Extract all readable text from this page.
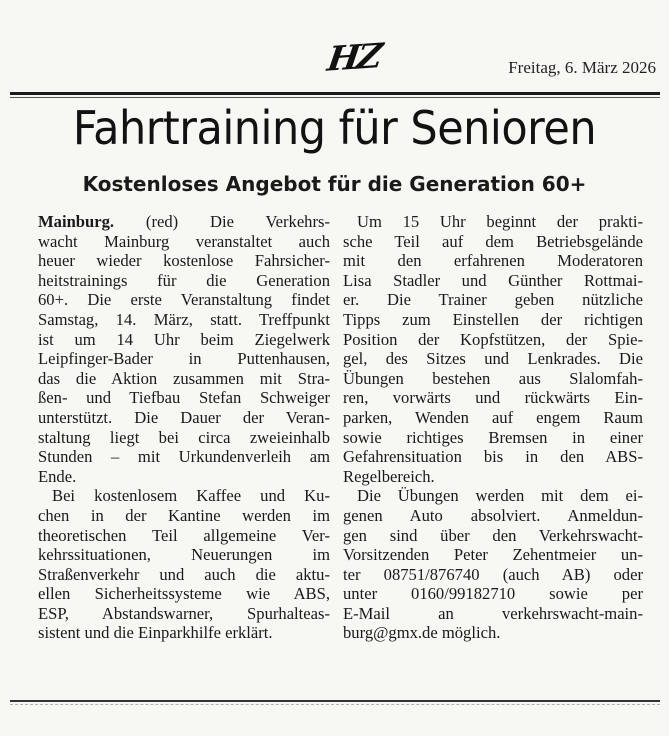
HZ	Freitag, 6. März 2026
Fahrtraining für Senioren
Kostenloses Angebot für die Generation 60+
Mainburg. (red) Die Verkehrs-
wacht Mainburg veranstaltet auch
heuer wieder kostenlose Fahrsicher-
heitstrainings für die Generation
60+. Die erste Veranstaltung findet
Samstag, 14. März, statt. Treffpunkt
ist um 14 Uhr beim Ziegelwerk
Leipfinger-Bader in Puttenhausen,
das die Aktion zusammen mit Stra-
ßen- und Tiefbau Stefan Schweiger
unterstützt. Die Dauer der Veran-
staltung liegt bei circa zweieinhalb
Stunden – mit Urkundenverleih am
Ende.
Bei kostenlosem Kaffee und Ku-
chen in der Kantine werden im
theoretischen Teil allgemeine Ver-
kehrssituationen, Neuerungen im
Straßenverkehr und auch die aktu-
ellen Sicherheitssysteme wie ABS,
ESP, Abstandswarner, Spurhalteas-
sistent und die Einparkhilfe erklärt.
Um 15 Uhr beginnt der prakti-
sche Teil auf dem Betriebsgelände
mit den erfahrenen Moderatoren
Lisa Stadler und Günther Rottmai-
er. Die Trainer geben nützliche
Tipps zum Einstellen der richtigen
Position der Kopfstützen, der Spie-
gel, des Sitzes und Lenkrades. Die
Übungen bestehen aus Slalomfah-
ren, vorwärts und rückwärts Ein-
parken, Wenden auf engem Raum
sowie richtiges Bremsen in einer
Gefahrensituation bis in den ABS-
Regelbereich.
Die Übungen werden mit dem ei-
genen Auto absolviert. Anmeldun-
gen sind über den Verkehrswacht-
Vorsitzenden Peter Zehentmeier un-
ter 08751/876740 (auch AB) oder
unter 0160/99182710 sowie per
E-Mail an verkehrswacht-main-
burg@gmx.de möglich.
